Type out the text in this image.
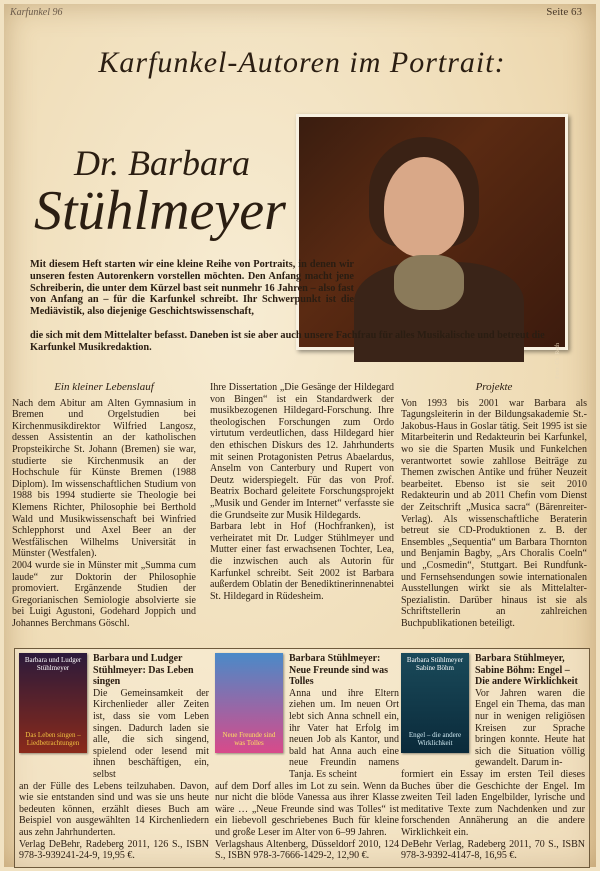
Karfunkel 96	Seite 63
Karfunkel-Autoren im Portrait:
Dr. Barbara
Stühlmeyer
Foto: Ch. Roth
Mit diesem Heft starten wir eine kleine Reihe von Portraits, in denen wir unseren festen Autorenkern vorstellen möchten. Den Anfang macht jene Schreiberin, die unter dem Kürzel bast seit nunmehr 16 Jahren – also fast von Anfang an – für die Karfunkel schreibt. Ihr Schwerpunkt ist die Mediävistik, also diejenige Geschichtswissenschaft,
die sich mit dem Mittelalter befasst. Daneben ist sie aber auch unsere Fachfrau für alles Musikalische und betreut die Karfunkel Musikredaktion.
Ein kleiner Lebenslauf

Nach dem Abitur am Alten Gymnasium in Bremen und Orgelstudien bei Kirchenmusikdirektor Wilfried Langosz, dessen Assistentin an der katholischen Propsteikirche St. Johann (Bremen) sie war, studierte sie Kirchenmusik an der Hochschule für Künste Bremen (1988 Diplom). Im wissenschaftlichen Studium von 1988 bis 1994 studierte sie Theologie bei Klemens Richter, Philosophie bei Berthold Wald und Musikwissenschaft bei Winfried Schlepphorst und Axel Beer an der Westfälischen Wilhelms Universität in Münster (Westfalen).

2004 wurde sie in Münster mit „Summa cum laude“ zur Doktorin der Philosophie promoviert. Ergänzende Studien der Gregorianischen Semiologie absolvierte sie bei Luigi Agustoni, Godehard Joppich und Johannes Berchmans Göschl.

Ihre Dissertation „Die Gesänge der Hildegard von Bingen“ ist ein Standardwerk der musikbezogenen Hildegard-Forschung. Ihre theologischen Forschungen zum Ordo virtutum verdeutlichen, dass Hildegard hier den ethischen Diskurs des 12. Jahrhunderts mit seinen Protagonisten Petrus Abaelardus, Anselm von Canterbury und Rupert von Deutz widerspiegelt. Für das von Prof. Beatrix Bochard geleitete Forschungsprojekt „Musik und Gender im Internet“ verfasste sie die Grundseite zur Musik Hildegards.

Barbara lebt in Hof (Hochfranken), ist verheiratet mit Dr. Ludger Stühlmeyer und Mutter einer fast erwachsenen Tochter, Lea, die inzwischen auch als Autorin für Karfunkel schreibt. Seit 2002 ist Barbara außerdem Oblatin der Benediktinerinnenabtei St. Hildegard in Rüdesheim.

Projekte

Von 1993 bis 2001 war Barbara als Tagungsleiterin in der Bildungsakademie St.-Jakobus-Haus in Goslar tätig. Seit 1995 ist sie Mitarbeiterin und Redakteurin bei Karfunkel, wo sie die Sparten Musik und Funkelchen verantwortet sowie zahllose Beiträge zu Themen zwischen Antike und früher Neuzeit bearbeitet. Ebenso ist sie seit 2010 Redakteurin und ab 2011 Chefin vom Dienst der Zeitschrift „Musica sacra“ (Bärenreiter-Verlag). Als wissenschaftliche Beraterin betreut sie CD-Produktionen z. B. der Ensembles „Sequentia“ um Barbara Thornton und Benjamin Bagby, „Ars Choralis Coeln“ und „Cosmedin“, Stuttgart. Bei Rundfunk- und Fernsehsendungen sowie internationalen Ausstellungen wirkt sie als Mittelalter-Spezialistin. Darüber hinaus ist sie als Schriftstellerin an zahlreichen Buchpublikationen beteiligt.

Barbara und Ludger Stühlmeyer
Das Leben singen – Liedbetrachtungen
Barbara und Ludger Stühlmeyer: Das Leben singen
Die Gemeinsamkeit der Kirchenlieder aller Zeiten ist, dass sie vom Leben singen. Dadurch laden sie alle, die sich singend, spielend oder lesend mit ihnen beschäftigen, ein, selbst
an der Fülle des Lebens teilzuhaben. Davon, wie sie entstanden sind und was sie uns heute bedeuten können, erzählt dieses Buch am Beispiel von ausgewählten 14 Kirchenliedern aus zehn Jahrhunderten.
Verlag DeBehr, Radeberg 2011, 126 S., ISBN 978-3-939241-24-9, 19,95 €.
Neue Freunde sind was Tolles
Barbara Stühlmeyer: Neue Freunde sind was Tolles
Anna und ihre Eltern ziehen um. Im neuen Ort lebt sich Anna schnell ein, ihr Vater hat Erfolg im neuen Job als Kantor, und bald hat Anna auch eine neue Freundin namens Tanja. Es scheint
auf dem Dorf alles im Lot zu sein. Wenn da nur nicht die blöde Vanessa aus ihrer Klasse wäre … „Neue Freunde sind was Tolles“ ist ein liebevoll geschriebenes Buch für kleine und große Leser im Alter von 6–99 Jahren.
Verlagshaus Altenberg, Düsseldorf 2010, 124 S., ISBN 978-3-7666-1429-2, 12,90 €.
Barbara Stühlmeyer Sabine Böhm
Engel – die andere Wirklichkeit
Barbara Stühlmeyer, Sabine Böhm: Engel – Die andere Wirklichkeit
Vor Jahren waren die Engel ein Thema, das man nur in wenigen religiösen Kreisen zur Sprache bringen konnte. Heute hat sich die Situation völlig gewandelt. Darum in-
formiert ein Essay im ersten Teil dieses Buches über die Geschichte der Engel. Im zweiten Teil laden Engelbilder, lyrische und meditative Texte zum Nachdenken und zur forschenden Annäherung an die andere Wirklichkeit ein.
DeBehr Verlag, Radeberg 2011, 70 S., ISBN 978-3-9392-4147-8, 16,95 €.
